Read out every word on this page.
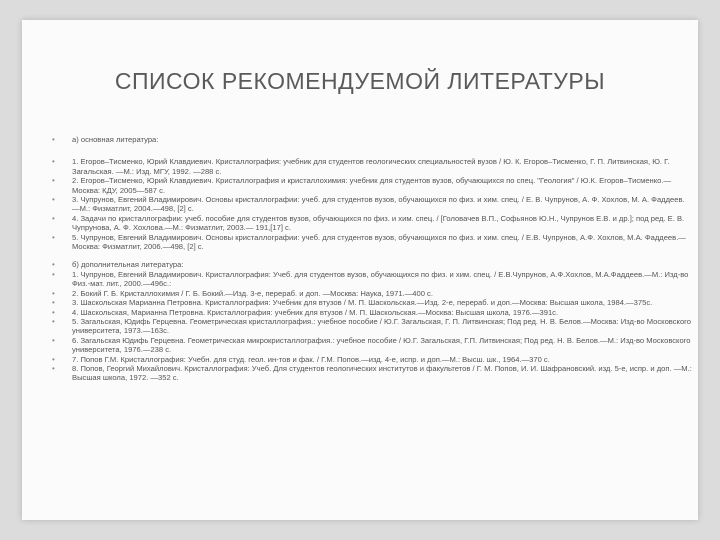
СПИСОК РЕКОМЕНДУЕМОЙ ЛИТЕРАТУРЫ
• а) основная литература:
• 1. Егоров–Тисменко, Юрий Клавдиевич. Кристаллография: учебник для студентов геологических специальностей вузов / Ю. К. Егоров–Тисменко, Г. П. Литвинская, Ю. Г. Загальская. —М.: Изд. МГУ, 1992. —288 с.
• 2. Егоров–Тисменко, Юрий Клавдиевич. Кристаллография и кристаллохимия: учебник для студентов вузов, обучающихся по спец. "Геология" / Ю.К. Егоров–Тисменко.—Москва: КДУ, 2005—587 с.
• 3. Чупрунов, Евгений Владимирович. Основы кристаллографии: учеб. для студентов вузов, обучающихся по физ. и хим. спец. / Е. В. Чупрунов, А. Ф. Хохлов, М. А. Фаддеев.—М.: Физматлит, 2004.—498, [2] с.
• 4. Задачи по кристаллографии: учеб. пособие для студентов вузов, обучающихся по физ. и хим. спец. / [Головачев В.П., Софьянов Ю.Н., Чупрунов Е.В. и др.]; под ред. Е. В. Чупрунова, А. Ф. Хохлова.—М.: Физматлит, 2003.— 191,[17] с.
• 5. Чупрунов, Евгений Владимирович. Основы кристаллографии: учеб. для студентов вузов, обучающихся по физ. и хим. спец. / Е.В. Чупрунов, А.Ф. Хохлов, М.А. Фаддеев.—Москва: Физматлит, 2006.—498, [2] с.
• б) дополнительная литература:
• 1. Чупрунов, Евгений Владимирович. Кристаллография: Учеб. для студентов вузов, обучающихся по физ. и хим. спец. / Е.В.Чупрунов, А.Ф.Хохлов, М.А.Фаддеев.—М.: Изд-во Физ.-мат. лит., 2000.—496с.:
• 2. Бокий Г. Б. Кристаллохимия / Г. Б. Бокий.—Изд. 3-е, перераб. и доп. —Москва: Наука, 1971.—400 с.
• 3. Шаскольская Марианна Петровна. Кристаллография: Учебник для втузов / М. П. Шаскольская.—Изд. 2-е, перераб. и доп.—Москва: Высшая школа, 1984.—375с.
• 4. Шаскольская, Марианна Петровна. Кристаллография: учебник для втузов / М. П. Шаскольская.—Москва: Высшая школа, 1976.—391с.
• 5. Загальская, Юдифь Герцевна. Геометрическая кристаллография.: учебное пособие / Ю.Г. Загальская, Г. П. Литвинская; Под ред. Н. В. Белов.—Москва: Изд-во Московского университета, 1973.—163с.
• 6. Загальская Юдифь Герцевна. Геометрическая микрокристаллография.: учебное пособие / Ю.Г. Загальская, Г.П. Литвинская; Под ред. Н. В. Белов.—М.: Изд-во Московского университета, 1976.—238 с.
• 7. Попов Г.М. Кристаллография: Учебн. для студ. геол. ин-тов и фак. / Г.М. Попов.—изд. 4-е, испр. и доп.—М.: Высш. шк., 1964.—370 с.
• 8. Попов, Георгий Михайлович. Кристаллография: Учеб. Для студентов геологических институтов и факультетов / Г. М. Попов, И. И. Шафрановский. изд. 5-е, испр. и доп. —М.: Высшая школа, 1972. —352 с.
